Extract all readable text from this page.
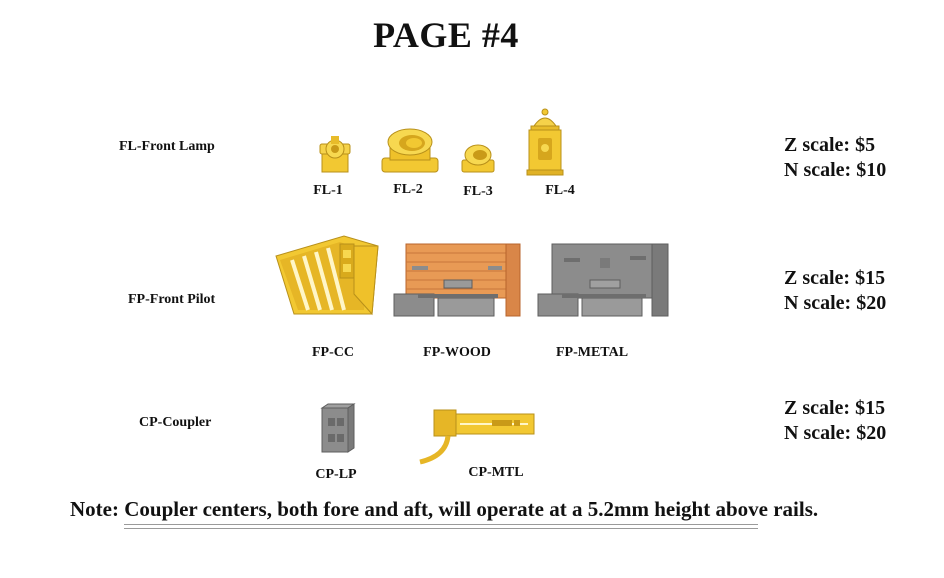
PAGE #4
FL-Front Lamp
FL-1	FL-2	FL-3	FL-4
Z scale: $5
N scale: $10
FP-Front Pilot
FP-CC	FP-WOOD	FP-METAL
Z scale: $15
N scale: $20
CP-Coupler
CP-LP	CP-MTL
Z scale: $15
N scale: $20
Note: Coupler centers, both fore and aft, will operate at a 5.2mm height above rails.
